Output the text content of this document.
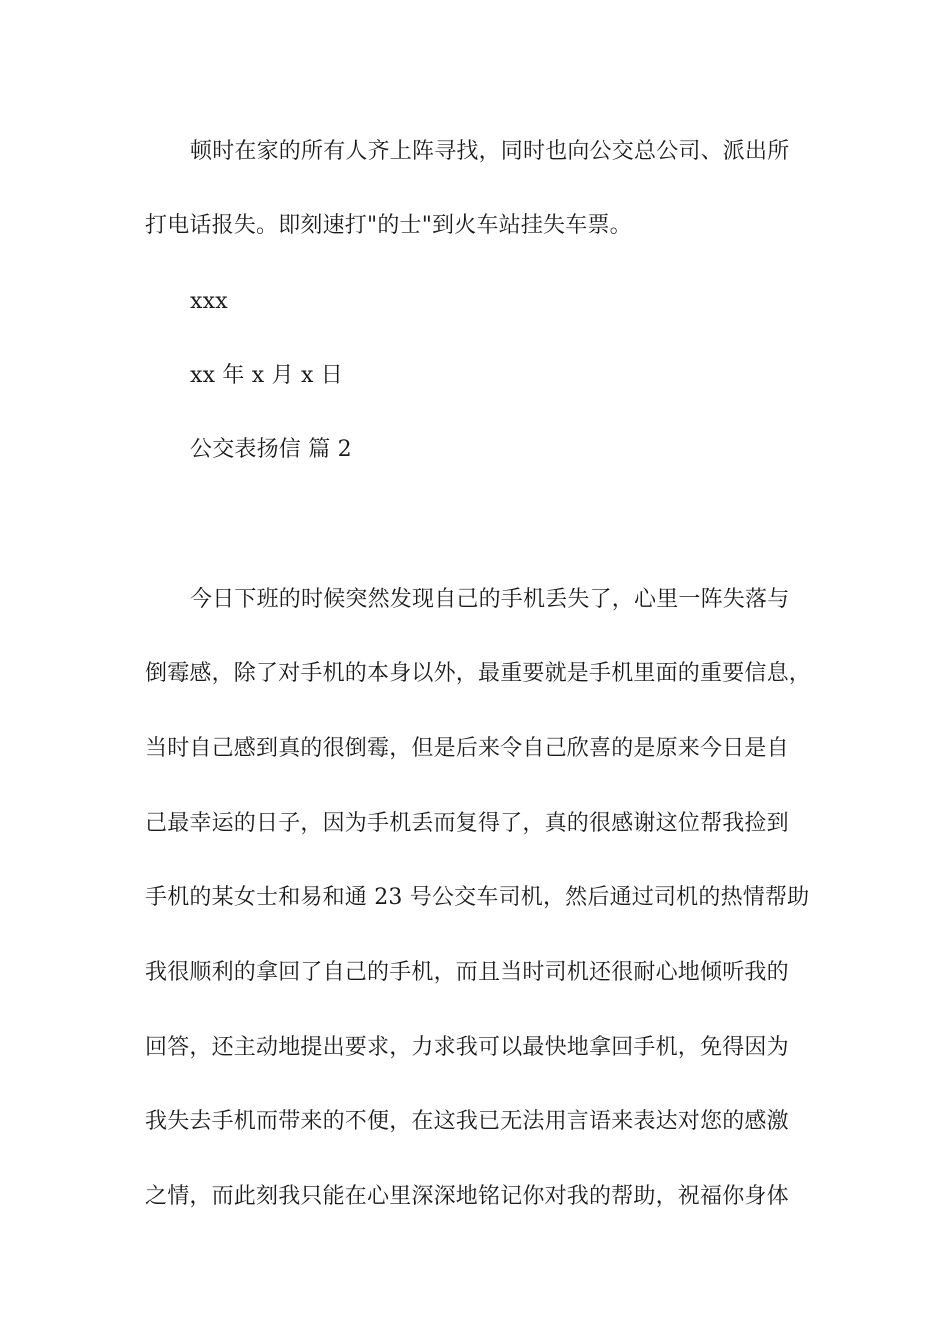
顿时在家的所有人齐上阵寻找，同时也向公交总公司、派出所
打电话报失。即刻速打"的士"到火车站挂失车票。
xxx
xx 年 x 月 x 日
公交表扬信 篇 2
今日下班的时候突然发现自己的手机丢失了，心里一阵失落与
倒霉感，除了对手机的本身以外，最重要就是手机里面的重要信息，
当时自己感到真的很倒霉，但是后来令自己欣喜的是原来今日是自
己最幸运的日子，因为手机丢而复得了，真的很感谢这位帮我捡到
手机的某女士和易和通 23 号公交车司机，然后通过司机的热情帮助
我很顺利的拿回了自己的手机，而且当时司机还很耐心地倾听我的
回答，还主动地提出要求，力求我可以最快地拿回手机，免得因为
我失去手机而带来的不便，在这我已无法用言语来表达对您的感激
之情，而此刻我只能在心里深深地铭记你对我的帮助，祝福你身体
